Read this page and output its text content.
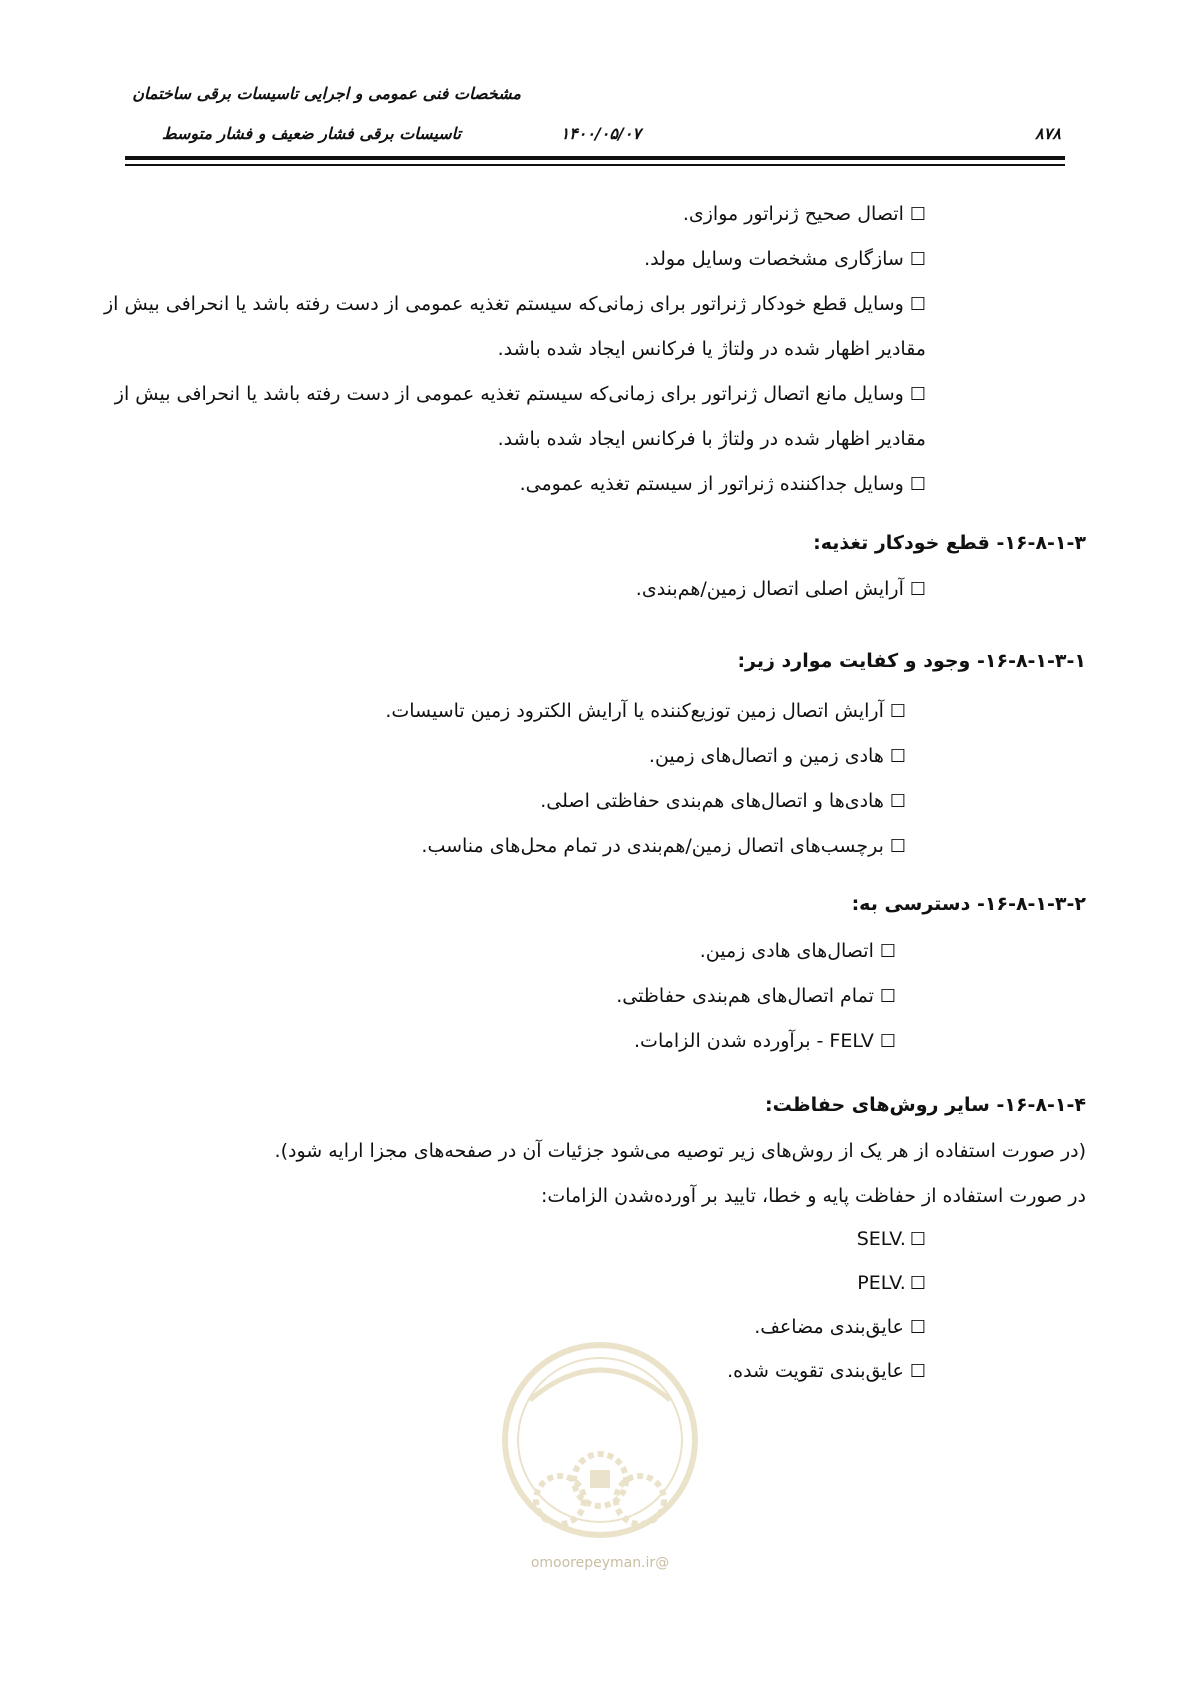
مشخصات فنی عمومی و اجرایی تاسیسات برقی ساختمان
تاسیسات برقی فشار ضعیف و فشار متوسط	۱۴۰۰/۰۵/۰۷	۸۷۸
☐اتصال صحیح ژنراتور موازی.
☐سازگاری مشخصات وسایل مولد.
☐وسایل قطع خودکار ژنراتور برای زمانی‌که سیستم تغذیه عمومی از دست رفته باشد یا انحرافی بیش از
مقادیر اظهار شده در ولتاژ یا فرکانس ایجاد شده باشد.
☐وسایل مانع اتصال ژنراتور برای زمانی‌که سیستم تغذیه عمومی از دست رفته باشد یا انحرافی بیش از
مقادیر اظهار شده در ولتاژ با فرکانس ایجاد شده باشد.
☐وسایل جداکننده ژنراتور از سیستم تغذیه عمومی.
۱۶-۸-۱-۳- قطع خودکار تغذیه:
☐آرایش اصلی اتصال زمین/هم‌بندی.
۱۶-۸-۱-۳-۱- وجود و کفایت موارد زیر:
☐آرایش اتصال زمین توزیع‌کننده یا آرایش الکترود زمین تاسیسات.
☐هادی زمین و اتصال‌های زمین.
☐هادی‌ها و اتصال‌های هم‌بندی حفاظتی اصلی.
☐برچسب‌های اتصال زمین/هم‌بندی در تمام محل‌های مناسب.
۱۶-۸-۱-۳-۲- دسترسی به:
☐اتصال‌های هادی زمین.
☐تمام اتصال‌های هم‌بندی حفاظتی.
☐FELV - برآورده شدن الزامات.
۱۶-۸-۱-۴- سایر روش‌های حفاظت:
(در صورت استفاده از هر یک از روش‌های زیر توصیه می‌شود جزئیات آن در صفحه‌های مجزا ارایه شود).
در صورت استفاده از حفاظت پایه و خطا، تایید بر آورده‌شدن الزامات:
SELV. ☐
PELV. ☐
☐عایق‌بندی مضاعف.
☐عایق‌بندی تقویت شده.
@omoorepeyman.ir
